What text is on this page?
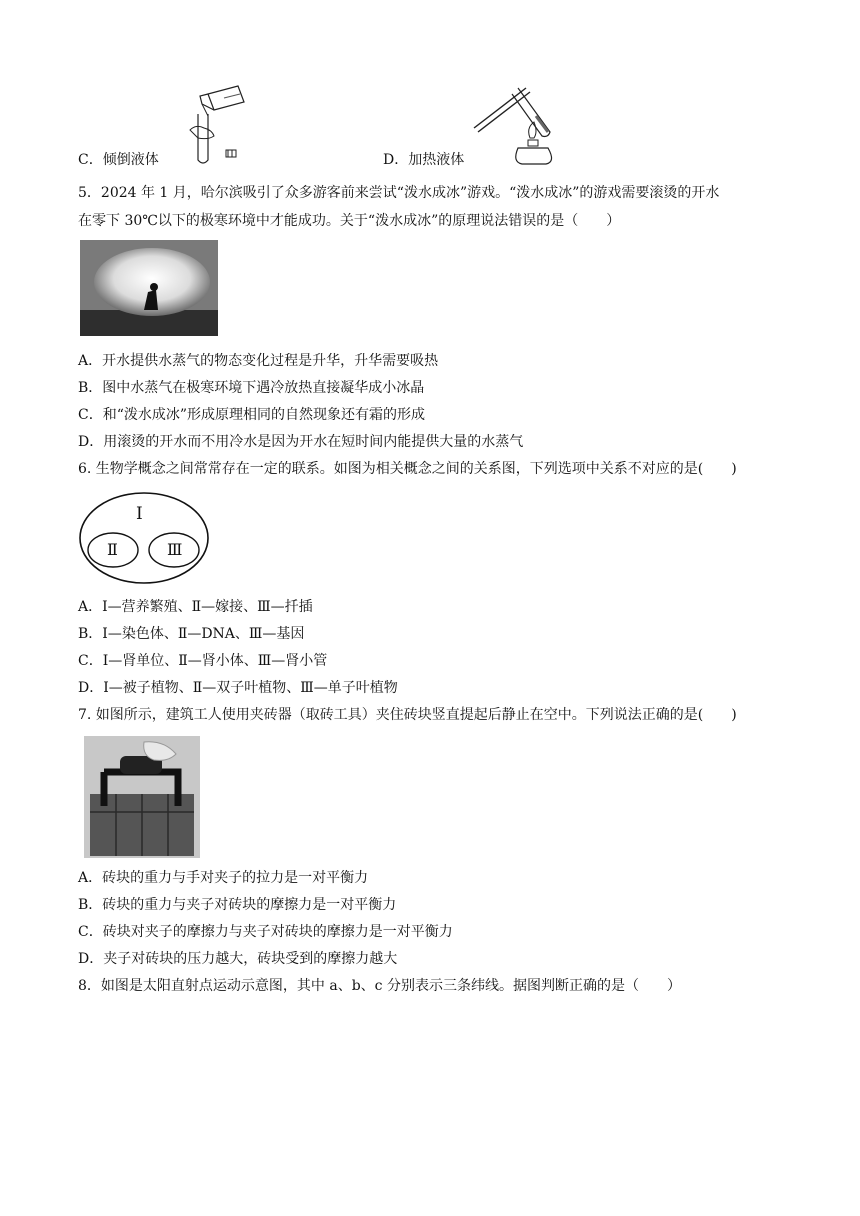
C．倾倒液体	D．加热液体
5．2024 年 1 月，哈尔滨吸引了众多游客前来尝试“泼水成冰”游戏。“泼水成冰”的游戏需要滚烫的开水
在零下 30℃以下的极寒环境中才能成功。关于“泼水成冰”的原理说法错误的是（　　）
A．开水提供水蒸气的物态变化过程是升华，升华需要吸热
B．图中水蒸气在极寒环境下遇冷放热直接凝华成小冰晶
C．和“泼水成冰”形成原理相同的自然现象还有霜的形成
D．用滚烫的开水而不用冷水是因为开水在短时间内能提供大量的水蒸气
6. 生物学概念之间常常存在一定的联系。如图为相关概念之间的关系图，下列选项中关系不对应的是(　　)
Ⅰ
Ⅱ	Ⅲ
A．Ⅰ—营养繁殖、Ⅱ—嫁接、Ⅲ—扦插
B．Ⅰ—染色体、Ⅱ—DNA、Ⅲ—基因
C．Ⅰ—肾单位、Ⅱ—肾小体、Ⅲ—肾小管
D．Ⅰ—被子植物、Ⅱ—双子叶植物、Ⅲ—单子叶植物
7. 如图所示，建筑工人使用夹砖器（取砖工具）夹住砖块竖直提起后静止在空中。下列说法正确的是(　　)
A．砖块的重力与手对夹子的拉力是一对平衡力
B．砖块的重力与夹子对砖块的摩擦力是一对平衡力
C．砖块对夹子的摩擦力与夹子对砖块的摩擦力是一对平衡力
D．夹子对砖块的压力越大，砖块受到的摩擦力越大
8．如图是太阳直射点运动示意图，其中 a、b、c 分别表示三条纬线。据图判断正确的是（　　）
